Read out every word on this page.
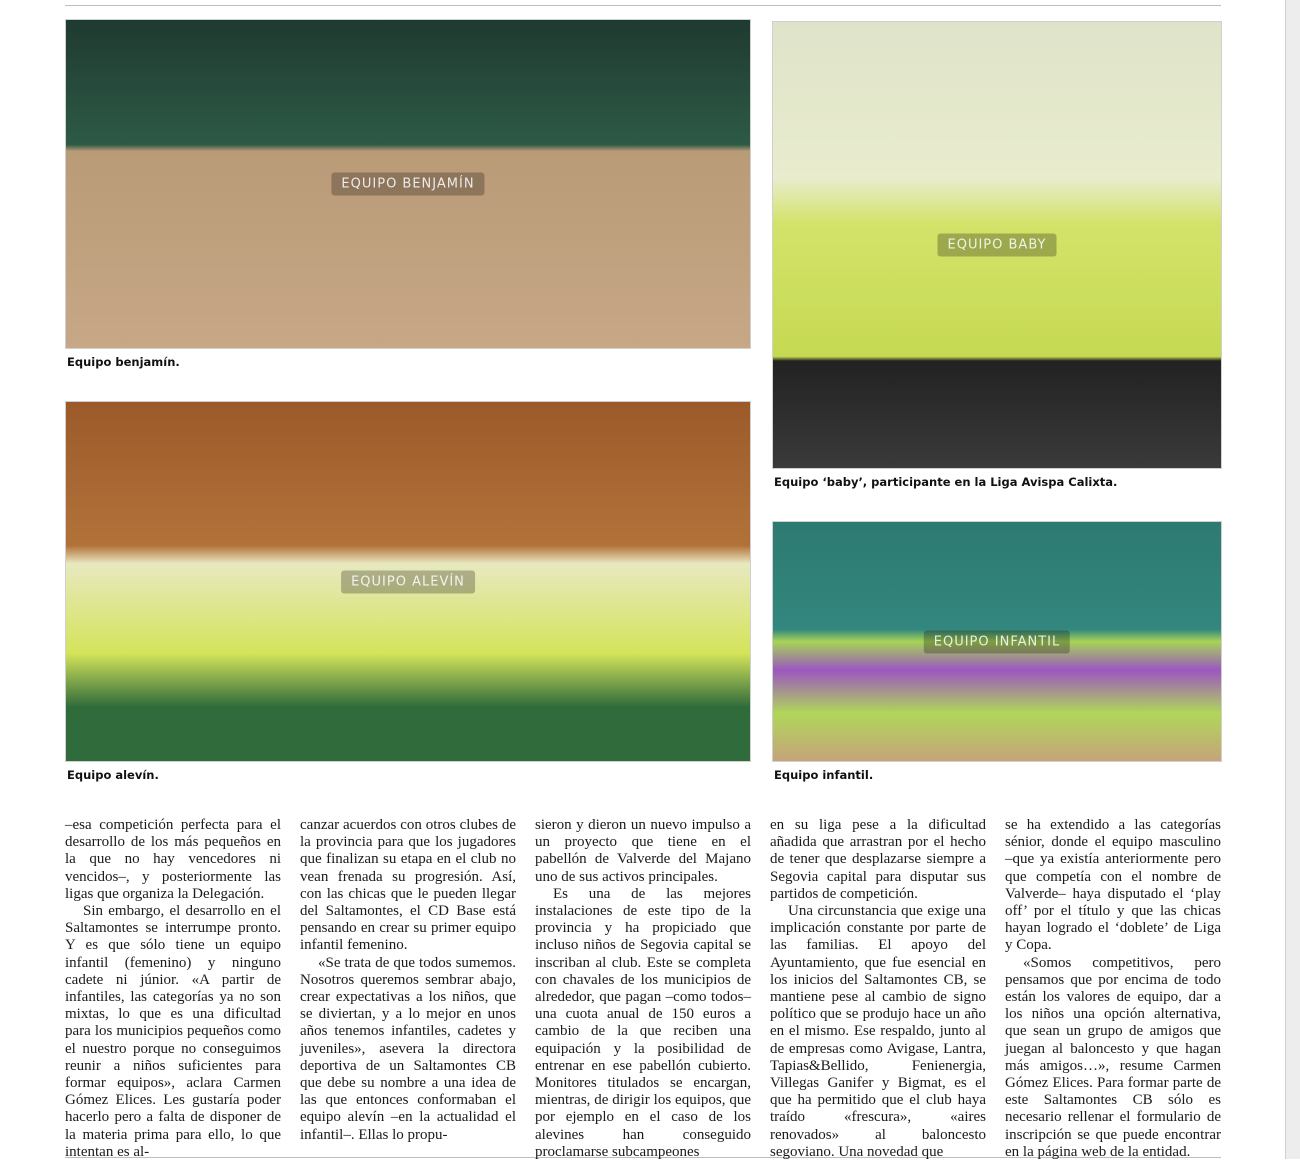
EQUIPO BENJAMÍN
Equipo benjamín.
EQUIPO BABY
Equipo ‘baby’, participante en la Liga Avispa Calixta.
EQUIPO ALEVÍN
Equipo alevín.
EQUIPO INFANTIL
Equipo infantil.

–esa competición perfecta para el desarrollo de los más pequeños en la que no hay vencedores ni vencidos–, y posteriormente las ligas que organiza la Delegación.

Sin embargo, el desarrollo en el Saltamontes se interrumpe pronto. Y es que sólo tiene un equipo infantil (femenino) y ninguno cadete ni júnior. «A partir de infantiles, las categorías ya no son mixtas, lo que es una dificultad para los municipios pequeños como el nuestro porque no conseguimos reunir a niños suficientes para formar equipos», aclara Carmen Gómez Elices. Les gustaría poder hacerlo pero a falta de disponer de la materia prima para ello, lo que intentan es al-

canzar acuerdos con otros clubes de la provincia para que los jugadores que finalizan su etapa en el club no vean frenada su progresión. Así, con las chicas que le pueden llegar del Saltamontes, el CD Base está pensando en crear su primer equipo infantil femenino.

«Se trata de que todos sumemos. Nosotros queremos sembrar abajo, crear expectativas a los niños, que se diviertan, y a lo mejor en unos años tenemos infantiles, cadetes y juveniles», asevera la directora deportiva de un Saltamontes CB que debe su nombre a una idea de las que entonces conformaban el equipo alevín –en la actualidad el infantil–. Ellas lo propu-

sieron y dieron un nuevo impulso a un proyecto que tiene en el pabellón de Valverde del Majano uno de sus activos principales.

Es una de las mejores instalaciones de este tipo de la provincia y ha propiciado que incluso niños de Segovia capital se inscriban al club. Este se completa con chavales de los municipios de alrededor, que pagan –como todos– una cuota anual de 150 euros a cambio de la que reciben una equipación y la posibilidad de entrenar en ese pabellón cubierto. Monitores titulados se encargan, mientras, de dirigir los equipos, que por ejemplo en el caso de los alevines han conseguido proclamarse subcampeones

en su liga pese a la dificultad añadida que arrastran por el hecho de tener que desplazarse siempre a Segovia capital para disputar sus partidos de competición.

Una circunstancia que exige una implicación constante por parte de las familias. El apoyo del Ayuntamiento, que fue esencial en los inicios del Saltamontes CB, se mantiene pese al cambio de signo político que se produjo hace un año en el mismo. Ese respaldo, junto al de empresas como Avigase, Lantra, Tapias&Bellido, Fenienergia, Villegas Ganifer y Bigmat, es el que ha permitido que el club haya traído «frescura», «aires renovados» al baloncesto segoviano. Una novedad que

se ha extendido a las categorías sénior, donde el equipo masculino –que ya existía anteriormente pero que competía con el nombre de Valverde– haya disputado el ‘play off’ por el título y que las chicas hayan logrado el ‘doblete’ de Liga y Copa.

«Somos competitivos, pero pensamos que por encima de todo están los valores de equipo, dar a los niños una opción alternativa, que sean un grupo de amigos que juegan al baloncesto y que hagan más amigos…», resume Carmen Gómez Elices. Para formar parte de este Saltamontes CB sólo es necesario rellenar el formulario de inscripción se que puede encontrar en la página web de la entidad.
